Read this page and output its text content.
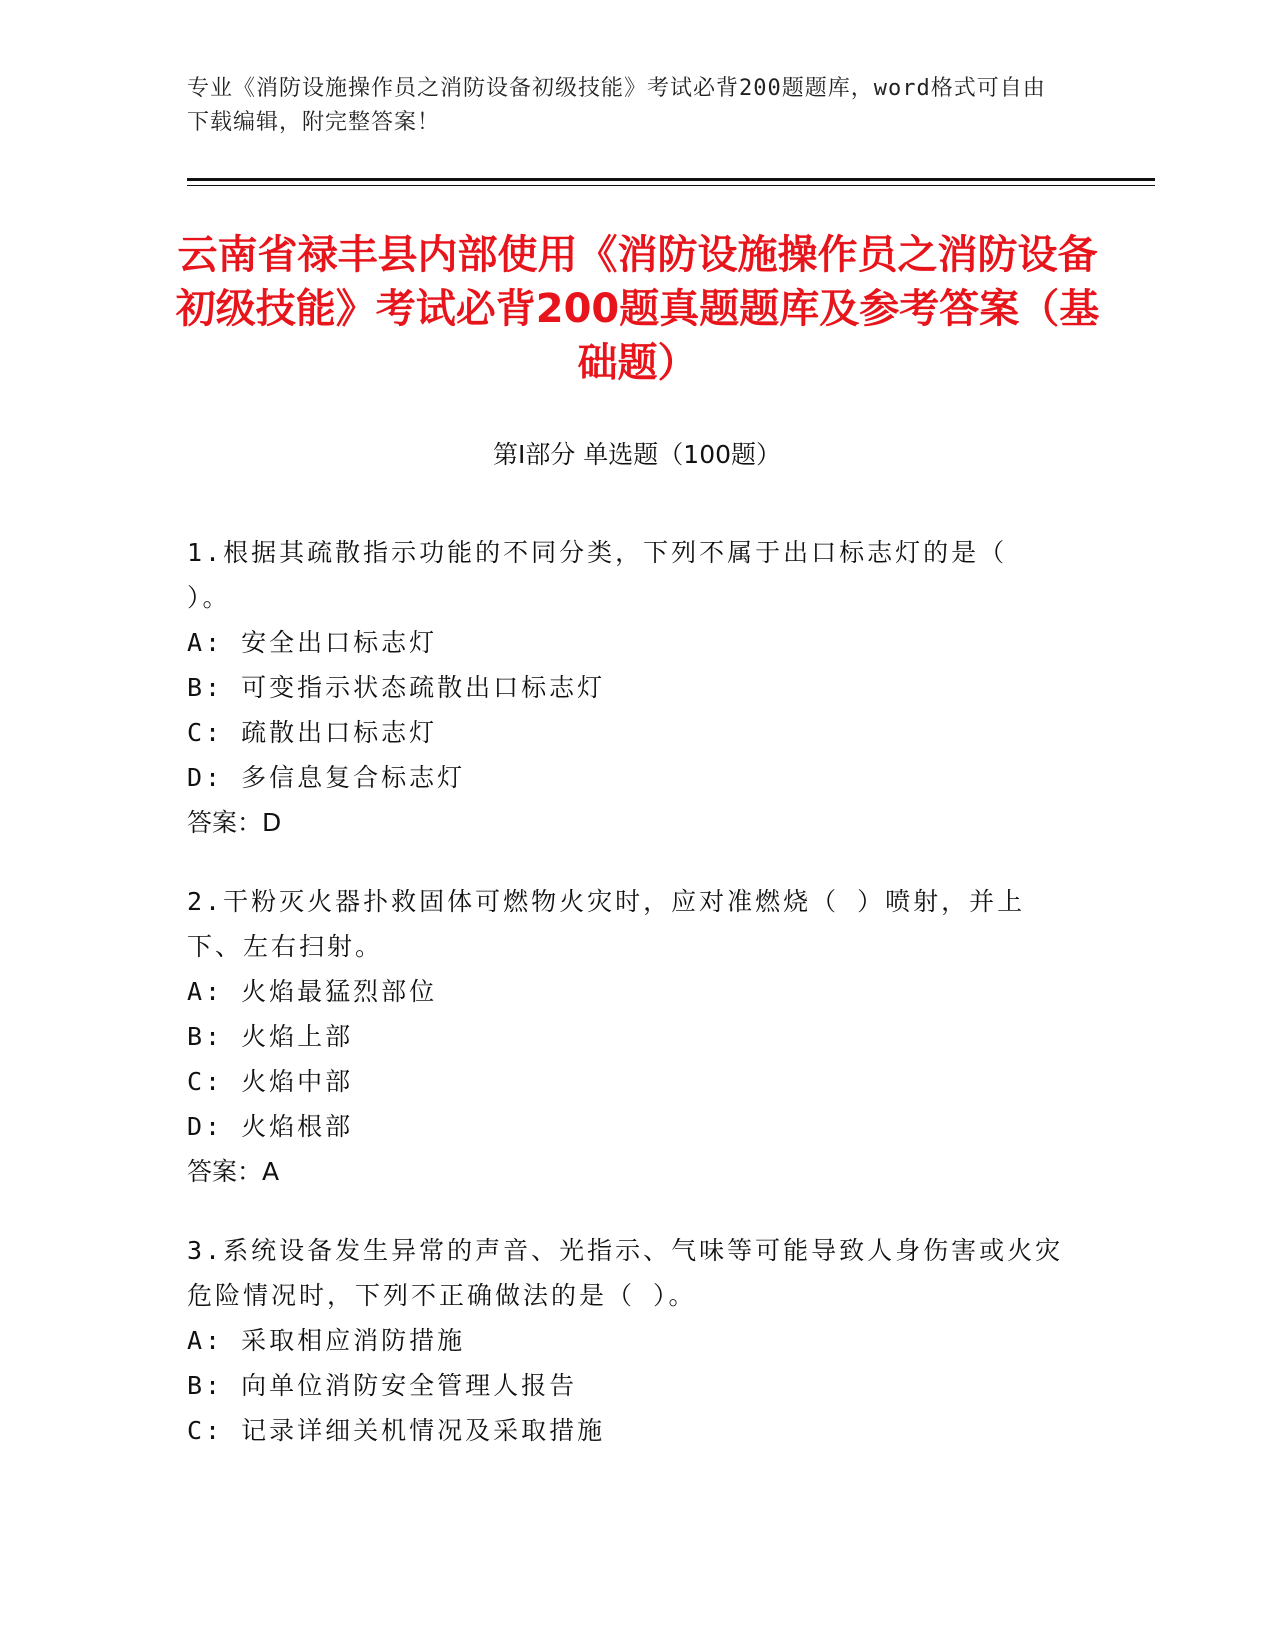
专业《消防设施操作员之消防设备初级技能》考试必背200题题库，word格式可自由下载编辑，附完整答案！
云南省禄丰县内部使用《消防设施操作员之消防设备初级技能》考试必背200题真题题库及参考答案（基础题）
第Ⅰ部分 单选题（100题）
1.根据其疏散指示功能的不同分类，下列不属于出口标志灯的是（ ）。
A: 安全出口标志灯
B: 可变指示状态疏散出口标志灯
C: 疏散出口标志灯
D: 多信息复合标志灯
答案：D
2.干粉灭火器扑救固体可燃物火灾时，应对准燃烧（ ）喷射，并上下、左右扫射。
A: 火焰最猛烈部位
B: 火焰上部
C: 火焰中部
D: 火焰根部
答案：A
3.系统设备发生异常的声音、光指示、气味等可能导致人身伤害或火灾危险情况时，下列不正确做法的是（ ）。
A: 采取相应消防措施
B: 向单位消防安全管理人报告
C: 记录详细关机情况及采取措施
